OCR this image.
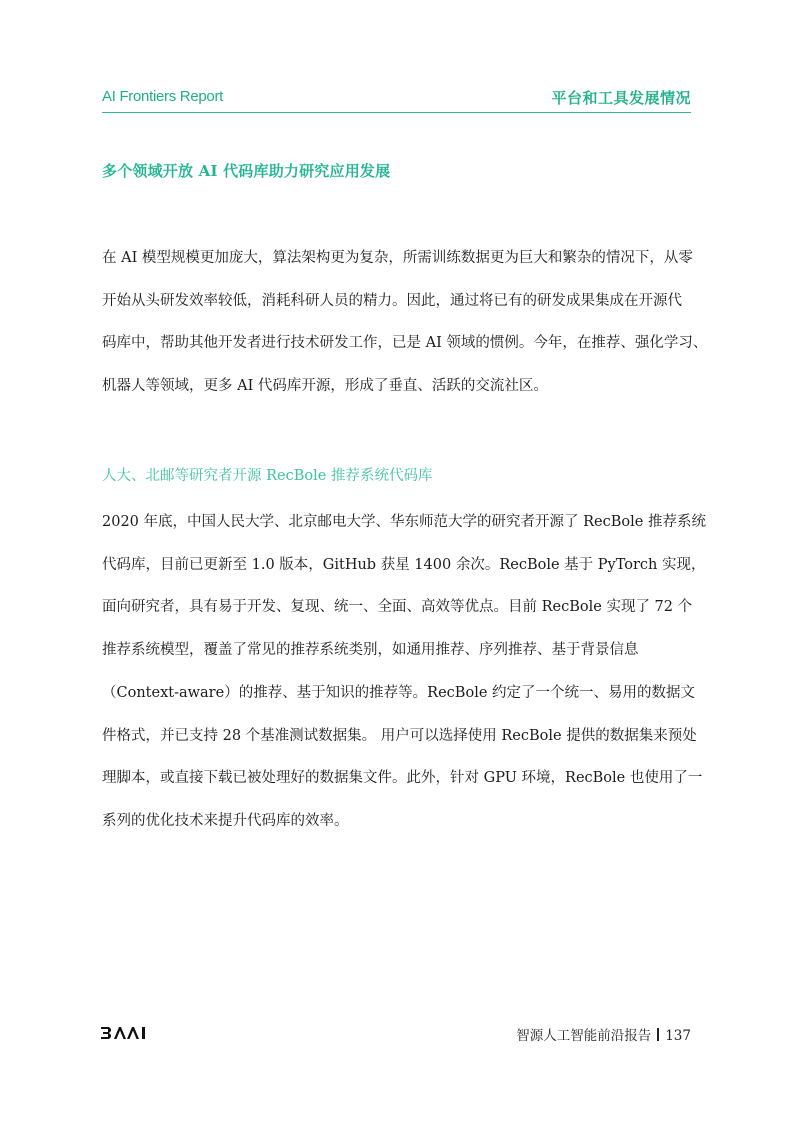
AI Frontiers Report	平台和工具发展情况
多个领域开放 AI 代码库助力研究应用发展
在 AI 模型规模更加庞大，算法架构更为复杂，所需训练数据更为巨大和繁杂的情况下，从零
开始从头研发效率较低，消耗科研人员的精力。因此，通过将已有的研发成果集成在开源代
码库中，帮助其他开发者进行技术研发工作，已是 AI 领域的惯例。今年，在推荐、强化学习、
机器人等领域，更多 AI 代码库开源，形成了垂直、活跃的交流社区。
人大、北邮等研究者开源 RecBole 推荐系统代码库
2020 年底，中国人民大学、北京邮电大学、华东师范大学的研究者开源了 RecBole 推荐系统
代码库，目前已更新至 1.0 版本，GitHub 获星 1400 余次。RecBole 基于 PyTorch 实现，
面向研究者，具有易于开发、复现、统一、全面、高效等优点。目前 RecBole 实现了 72 个
推荐系统模型，覆盖了常见的推荐系统类别，如通用推荐、序列推荐、基于背景信息
（Context-aware）的推荐、基于知识的推荐等。RecBole 约定了一个统一、易用的数据文
件格式，并已支持 28 个基准测试数据集。 用户可以选择使用 RecBole 提供的数据集来预处
理脚本，或直接下载已被处理好的数据集文件。此外，针对 GPU 环境，RecBole 也使用了一
系列的优化技术来提升代码库的效率。
智源人工智能前沿报告 137
